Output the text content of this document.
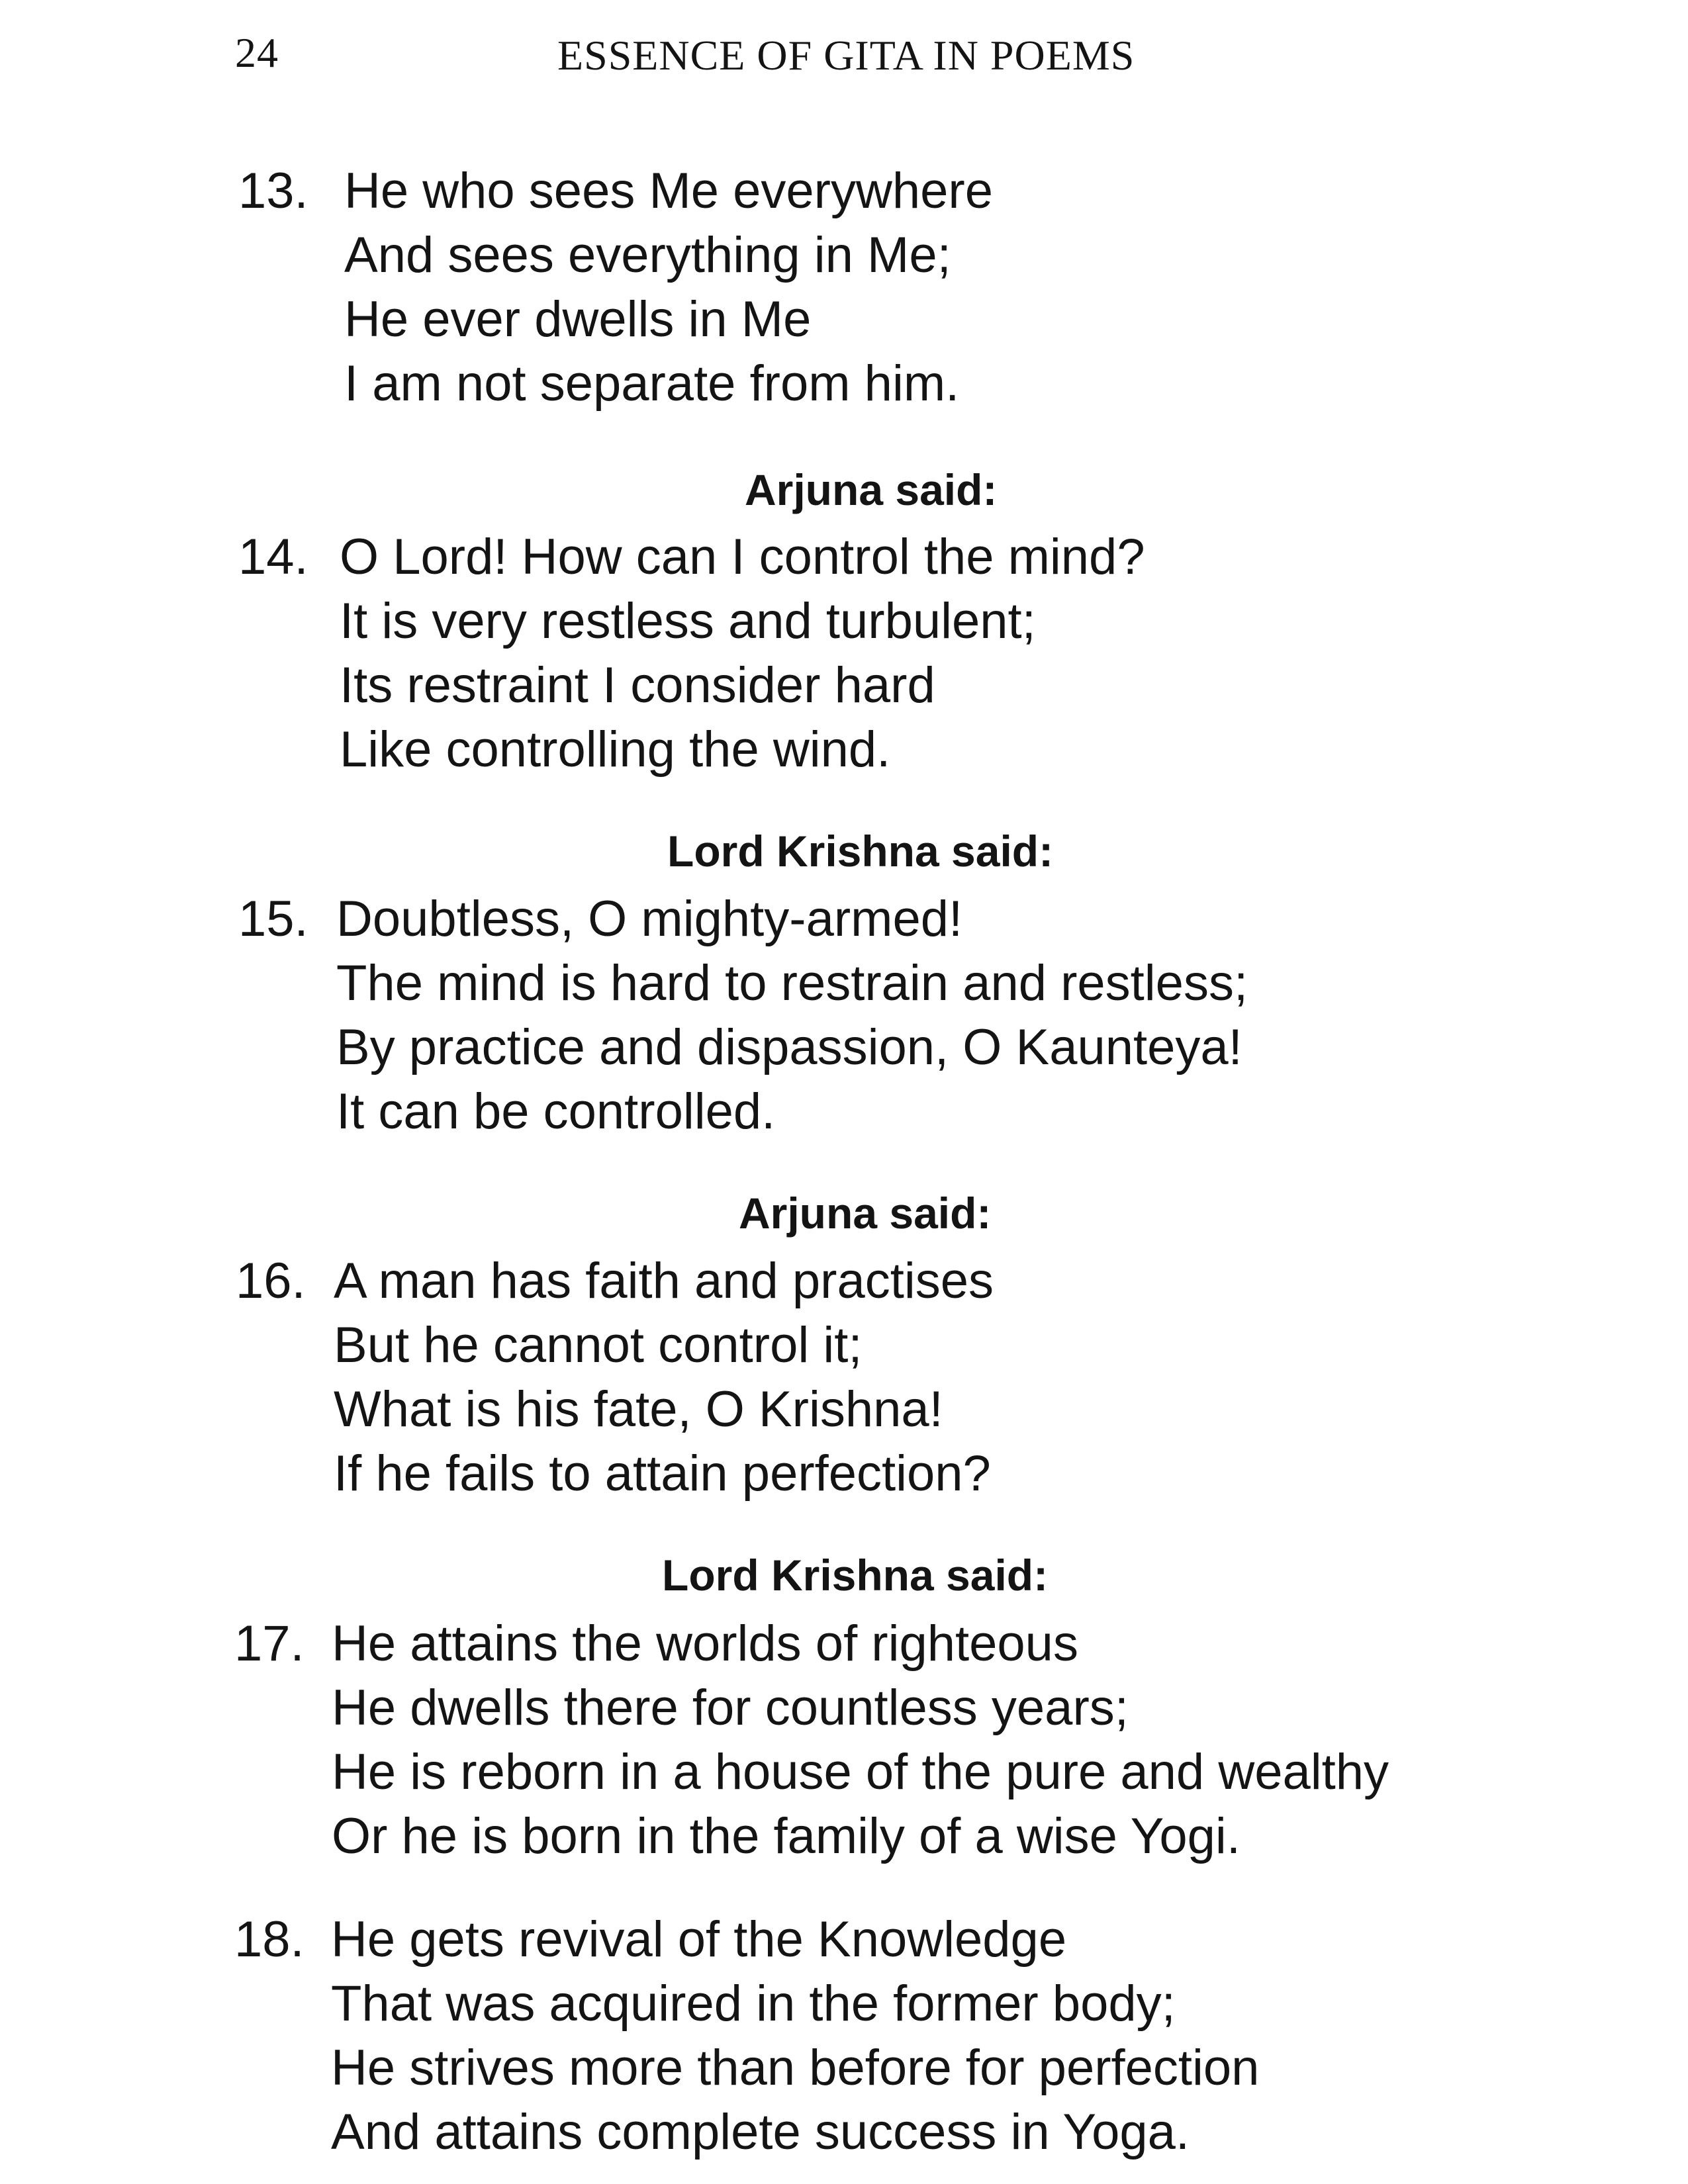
24	ESSENCE OF GITA IN POEMS
13. He who sees Me everywhere
And sees everything in Me;
He ever dwells in Me
I am not separate from him.
Arjuna said:
14. O Lord! How can I control the mind?
It is very restless and turbulent;
Its restraint I consider hard
Like controlling the wind.
Lord Krishna said:
15. Doubtless, O mighty-armed!
The mind is hard to restrain and restless;
By practice and dispassion, O Kaunteya!
It can be controlled.
Arjuna said:
16. A man has faith and practises
But he cannot control it;
What is his fate, O Krishna!
If he fails to attain perfection?
Lord Krishna said:
17. He attains the worlds of righteous
He dwells there for countless years;
He is reborn in a house of the pure and wealthy
Or he is born in the family of a wise Yogi.
18. He gets revival of the Knowledge
That was acquired in the former body;
He strives more than before for perfection
And attains complete success in Yoga.
